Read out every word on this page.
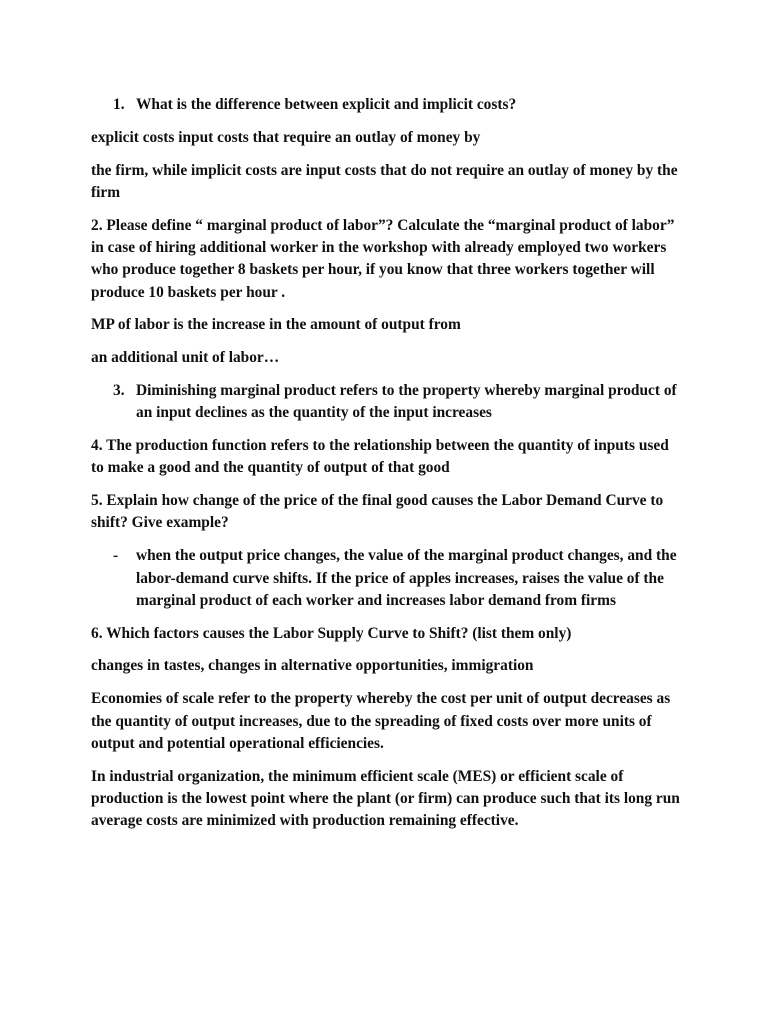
1. What is the difference between explicit and implicit costs?

explicit costs input costs that require an outlay of money by

the firm, while implicit costs are input costs that do not require an outlay of money by the firm

2. Please define “ marginal product of labor”? Calculate the “marginal product of labor” in case of hiring additional worker in the workshop with already employed two workers who produce together 8 baskets per hour, if you know that three workers together will produce 10 baskets per hour .

MP of labor is the increase in the amount of output from

an additional unit of labor…

3. Diminishing marginal product refers to the property whereby marginal product of an input declines as the quantity of the input increases

4. The production function refers to the relationship between the quantity of inputs used to make a good and the quantity of output of that good

5. Explain how change of the price of the final good causes the Labor Demand Curve to shift? Give example?

-	when the output price changes, the value of the marginal product changes, and the labor-demand curve shifts. If the price of apples increases, raises the value of the marginal product of each worker and increases labor demand from firms

6. Which factors causes the Labor Supply Curve to Shift? (list them only)

changes in tastes, changes in alternative opportunities, immigration

Economies of scale refer to the property whereby the cost per unit of output decreases as the quantity of output increases, due to the spreading of fixed costs over more units of output and potential operational efficiencies.

In industrial organization, the minimum efficient scale (MES) or efficient scale of production is the lowest point where the plant (or firm) can produce such that its long run average costs are minimized with production remaining effective.
